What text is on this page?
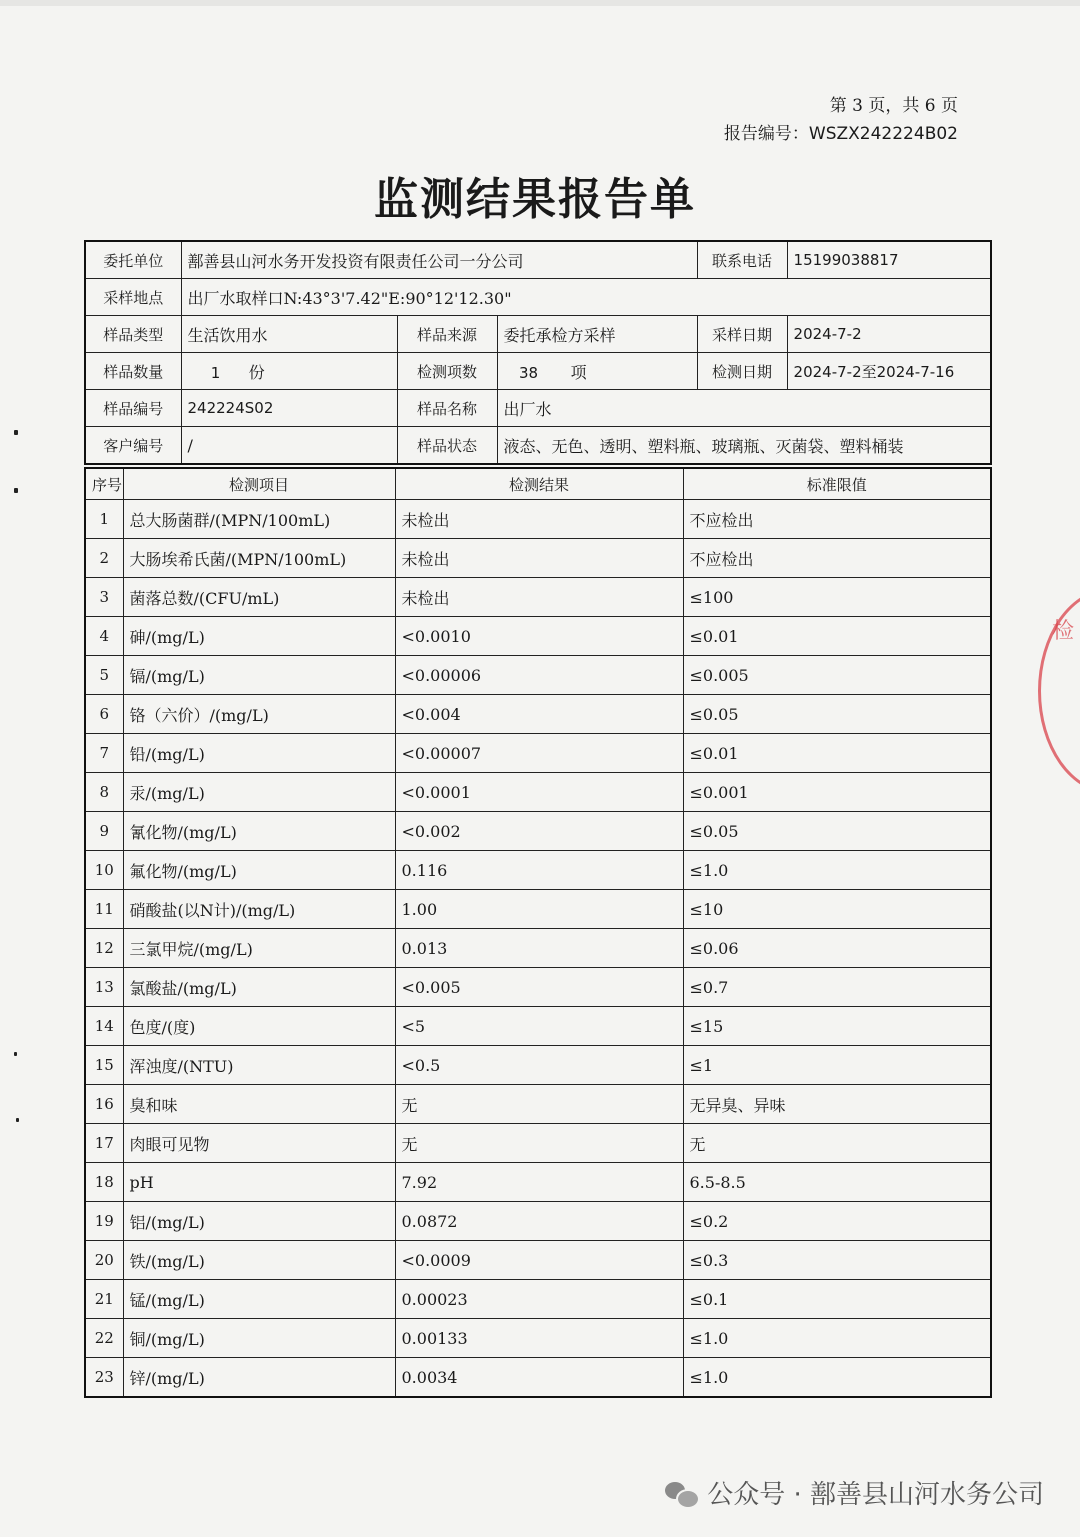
第 3 页，共 6 页
报告编号：WSZX242224B02
监测结果报告单
委托单位	鄯善县山河水务开发投资有限责任公司一分公司			联系电话	15199038817
采样地点	出厂水取样口N:43°3'7.42"E:90°12'12.30"				
样品类型	生活饮用水	样品来源	委托承检方采样	采样日期	2024-7-2
样品数量	1 份	检测项数	38 项	检测日期	2024-7-2至2024-7-16
样品编号	242224S02	样品名称	出厂水		
客户编号	/	样品状态	液态、无色、透明、塑料瓶、玻璃瓶、灭菌袋、塑料桶装		
序号	检测项目	检测结果	标准限值
1	总大肠菌群/(MPN/100mL)	未检出	不应检出
2	大肠埃希氏菌/(MPN/100mL)	未检出	不应检出
3	菌落总数/(CFU/mL)	未检出	≤100
4	砷/(mg/L)	<0.0010	≤0.01
5	镉/(mg/L)	<0.00006	≤0.005
6	铬（六价）/(mg/L)	<0.004	≤0.05
7	铅/(mg/L)	<0.00007	≤0.01
8	汞/(mg/L)	<0.0001	≤0.001
9	氰化物/(mg/L)	<0.002	≤0.05
10	氟化物/(mg/L)	0.116	≤1.0
11	硝酸盐(以N计)/(mg/L)	1.00	≤10
12	三氯甲烷/(mg/L)	0.013	≤0.06
13	氯酸盐/(mg/L)	<0.005	≤0.7
14	色度/(度)	<5	≤15
15	浑浊度/(NTU)	<0.5	≤1
16	臭和味	无	无异臭、异味
17	肉眼可见物	无	无
18	pH	7.92	6.5-8.5
19	铝/(mg/L)	0.0872	≤0.2
20	铁/(mg/L)	<0.0009	≤0.3
21	锰/(mg/L)	0.00023	≤0.1
22	铜/(mg/L)	0.00133	≤1.0
23	锌/(mg/L)	0.0034	≤1.0
检
公众号 · 鄯善县山河水务公司
